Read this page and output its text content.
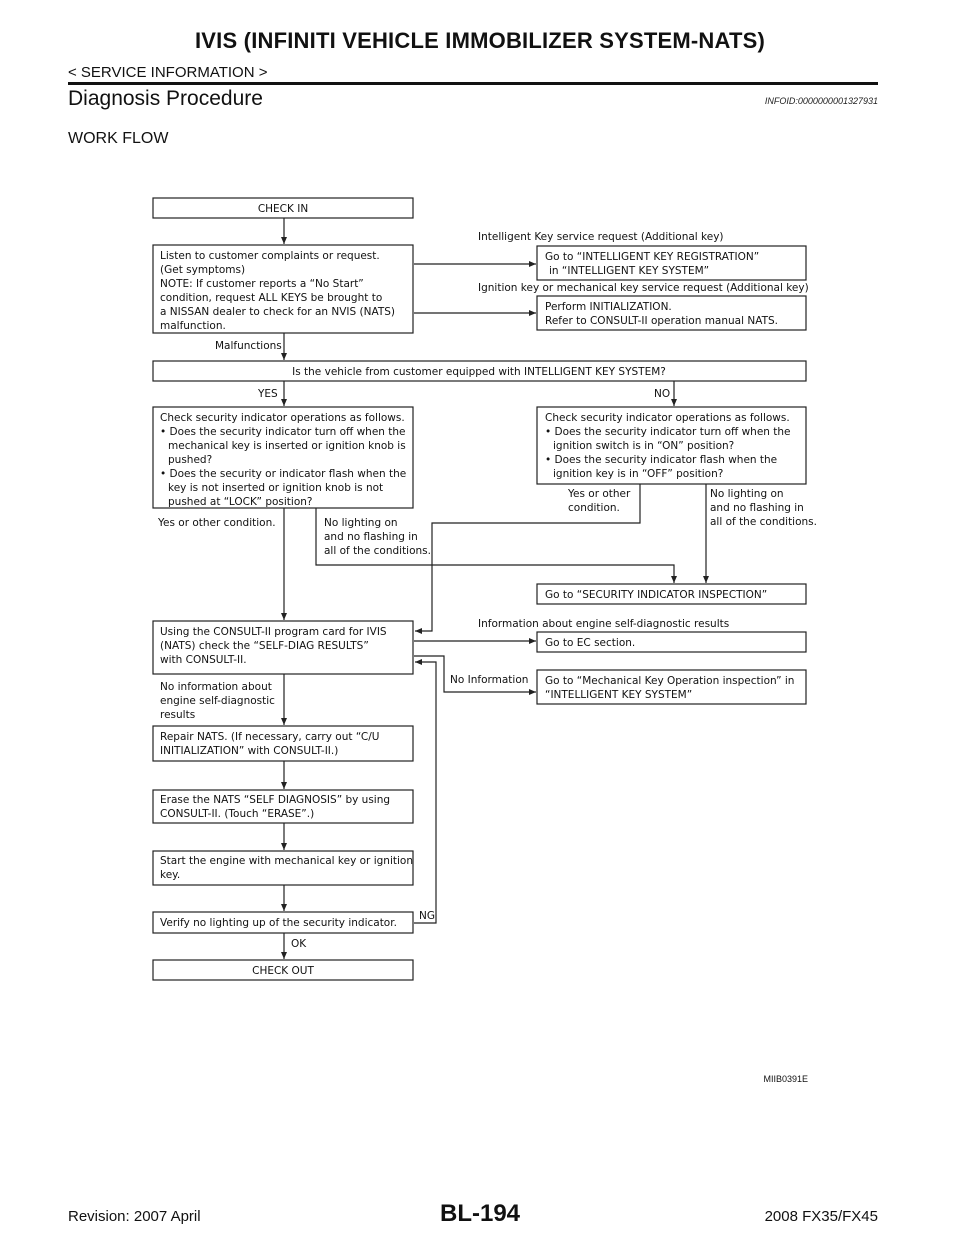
IVIS (INFINITI VEHICLE IMMOBILIZER SYSTEM-NATS)
< SERVICE INFORMATION >
Diagnosis Procedure	INFOID:0000000001327931
WORK FLOW
CHECK IN
Listen to customer complaints or request.
(Get symptoms)
NOTE: If customer reports a “No Start”
condition, request ALL KEYS be brought to
a NISSAN dealer to check for an NVIS (NATS)
malfunction.
Intelligent Key service request (Additional key)
Go to “INTELLIGENT KEY REGISTRATION”
in “INTELLIGENT KEY SYSTEM”
Ignition key or mechanical key service request (Additional key)
Perform INITIALIZATION.
Refer to CONSULT-II operation manual NATS.
Malfunctions
Is the vehicle from customer equipped with INTELLIGENT KEY SYSTEM?
YES	NO
Check security indicator operations as follows.
• Does the security indicator turn off when the
mechanical key is inserted or ignition knob is
pushed?
• Does the security or indicator flash when the
key is not inserted or ignition knob is not
pushed at “LOCK” position?
Check security indicator operations as follows.
• Does the security indicator turn off when the
ignition switch is in “ON” position?
• Does the security indicator flash when the
ignition key is in “OFF” position?
Yes or other
condition.
No lighting on
and no flashing in
all of the conditions.
Yes or other condition.	No lighting on
and no flashing in
all of the conditions.
Go to “SECURITY INDICATOR INSPECTION”
Information about engine self-diagnostic results
Using the CONSULT-II program card for IVIS
(NATS) check the “SELF-DIAG RESULTS”
with CONSULT-II.
Go to EC section.
No Information Go to “Mechanical Key Operation inspection” in
“INTELLIGENT KEY SYSTEM”
No information about
engine self-diagnostic
results
Repair NATS. (If necessary, carry out “C/U
INITIALIZATION” with CONSULT-II.)
Erase the NATS “SELF DIAGNOSIS” by using
CONSULT-II. (Touch “ERASE”.)
Start the engine with mechanical key or ignition
key.
Verify no lighting up of the security indicator.
NG
OK
CHECK OUT
MIIB0391E
Revision: 2007 April	BL-194	2008 FX35/FX45
